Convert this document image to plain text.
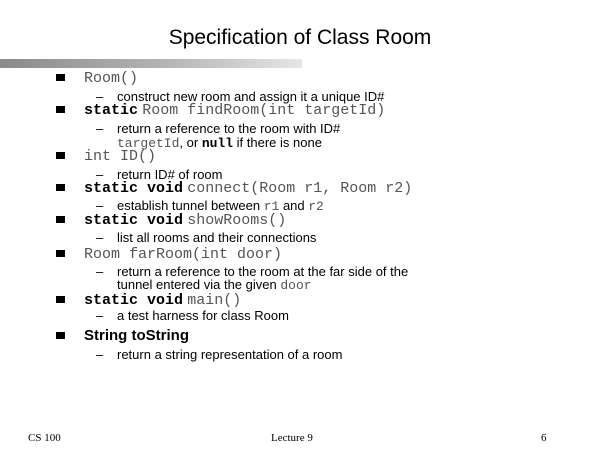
Specification of Class Room
Room()
– construct new room and assign it a unique ID#
static Room findRoom(int targetId)
– return a reference to the room with ID#
targetId, or null if there is none
int ID()
– return ID# of room
static void connect(Room r1, Room r2)
– establish tunnel between r1 and r2
static void showRooms()
– list all rooms and their connections
Room farRoom(int door)
– return a reference to the room at the far side of the
tunnel entered via the given door
static void main()
– a test harness for class Room
String toString
– return a string representation of a room
CS 100	Lecture 9	6
